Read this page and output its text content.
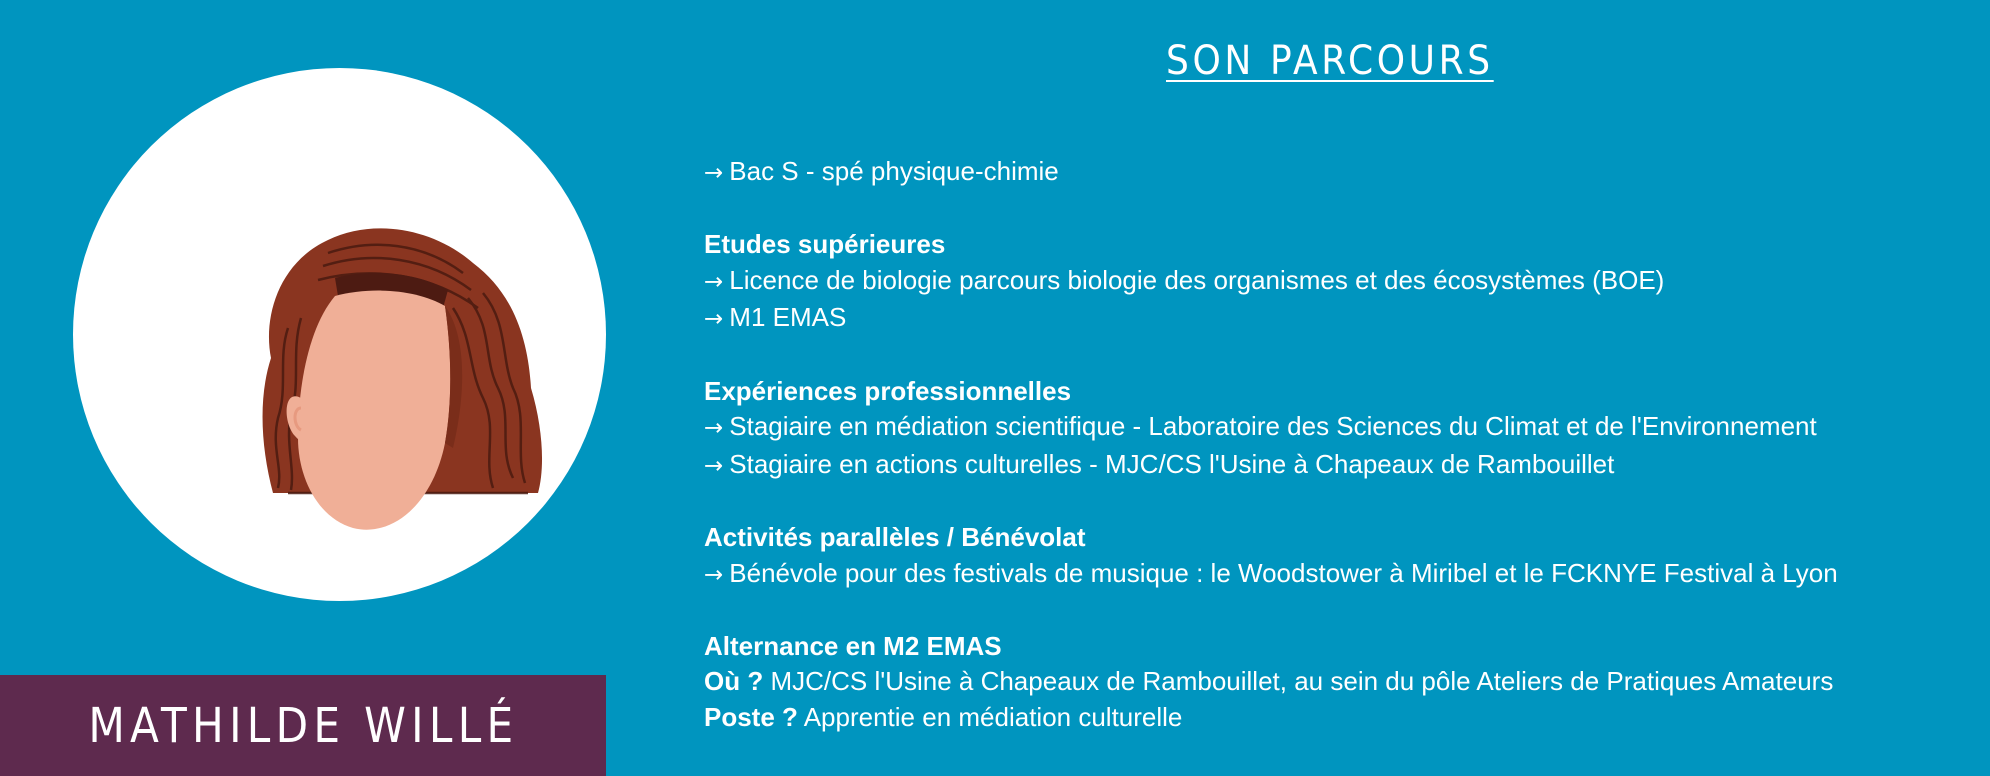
MATHILDE WILLÉ
SON PARCOURS
→ Bac S - spé physique-chimie
Etudes supérieures
→ Licence de biologie parcours biologie des organismes et des écosystèmes (BOE)
→ M1 EMAS
Expériences professionnelles
→ Stagiaire en médiation scientifique - Laboratoire des Sciences du Climat et de l'Environnement
→ Stagiaire en actions culturelles - MJC/CS l'Usine à Chapeaux de Rambouillet
Activités parallèles / Bénévolat
→ Bénévole pour des festivals de musique : le Woodstower à Miribel et le FCKNYE Festival à Lyon
Alternance en M2 EMAS
Où ? MJC/CS l'Usine à Chapeaux de Rambouillet, au sein du pôle Ateliers de Pratiques Amateurs
Poste ? Apprentie en médiation culturelle
